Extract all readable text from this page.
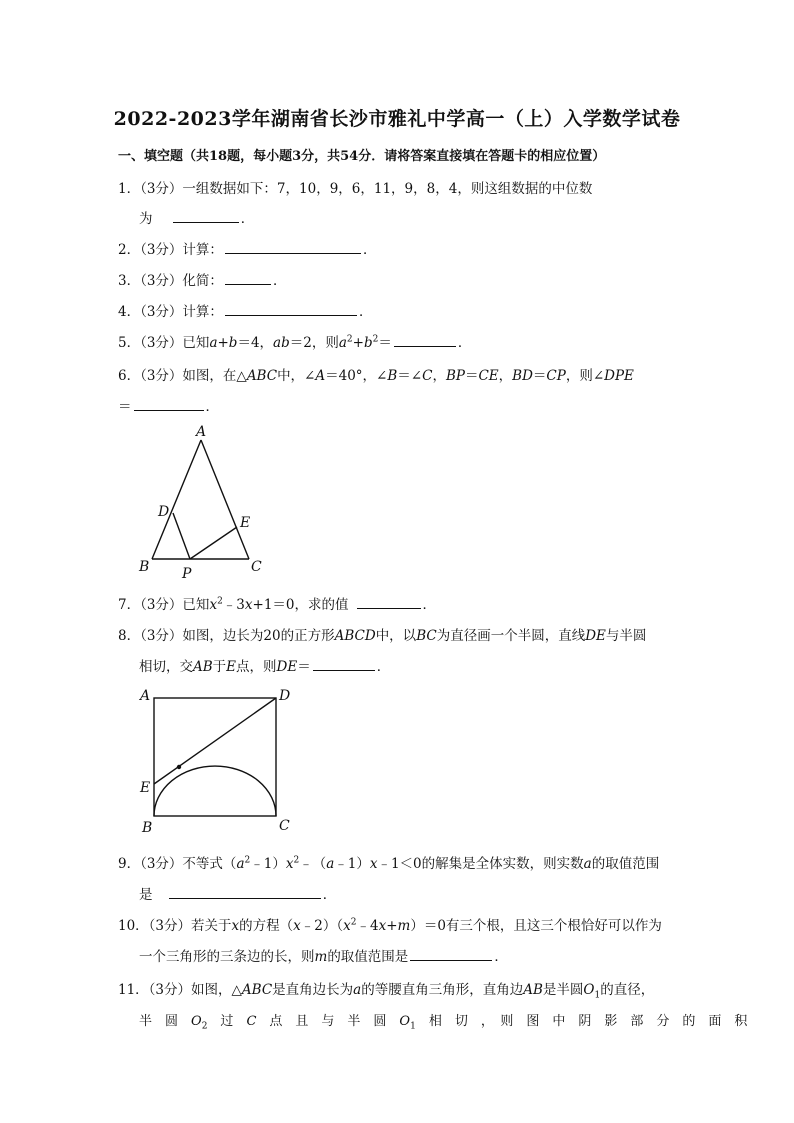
2022-2023学年湖南省长沙市雅礼中学高一（上）入学数学试卷
一、填空题（共18题，每小题3分，共54分．请将答案直接填在答题卡的相应位置）
1．（3分）一组数据如下：7，10，9，6，11，9，8，4，则这组数据的中位数
为	．
2．（3分）计算：	．
3．（3分）化简：	．
4．（3分）计算：	．
5．（3分）已知a+b＝4，ab＝2，则$a^2+b^2=$	．
6．（3分）如图，在△ABC中，∠A＝40°，∠B＝∠C，BP＝CE，BD＝CP，则∠DPE
＝	．
A
B	C
D
E
P
7．（3分）已知$x^2﹣3x+1=0$，求的值	．
8．（3分）如图，边长为20的正方形ABCD中，以BC为直径画一个半圆，直线DE与半圆
相切，交AB于E点，则DE＝	．
A	D
E
B	C
9．（3分）不等式$(a^2﹣1)x^2﹣(a﹣1)x﹣1<0$的解集是全体实数，则实数a的取值范围
是	．
10．（3分）若关于x的方程$(x﹣2)(x^2﹣4x+m)=0$有三个根，且这三个根恰好可以作为
一个三角形的三条边的长，则m的取值范围是	．
11．（3分）如图，△ABC是直角边长为a的等腰直角三角形，直角边AB是半圆$O_1$的直径，
半　圆　$O_2$　过　C　点　且　与　半　圆　$O_1$　相　切　，　则　图　中　阴　影　部　分　的　面　积
